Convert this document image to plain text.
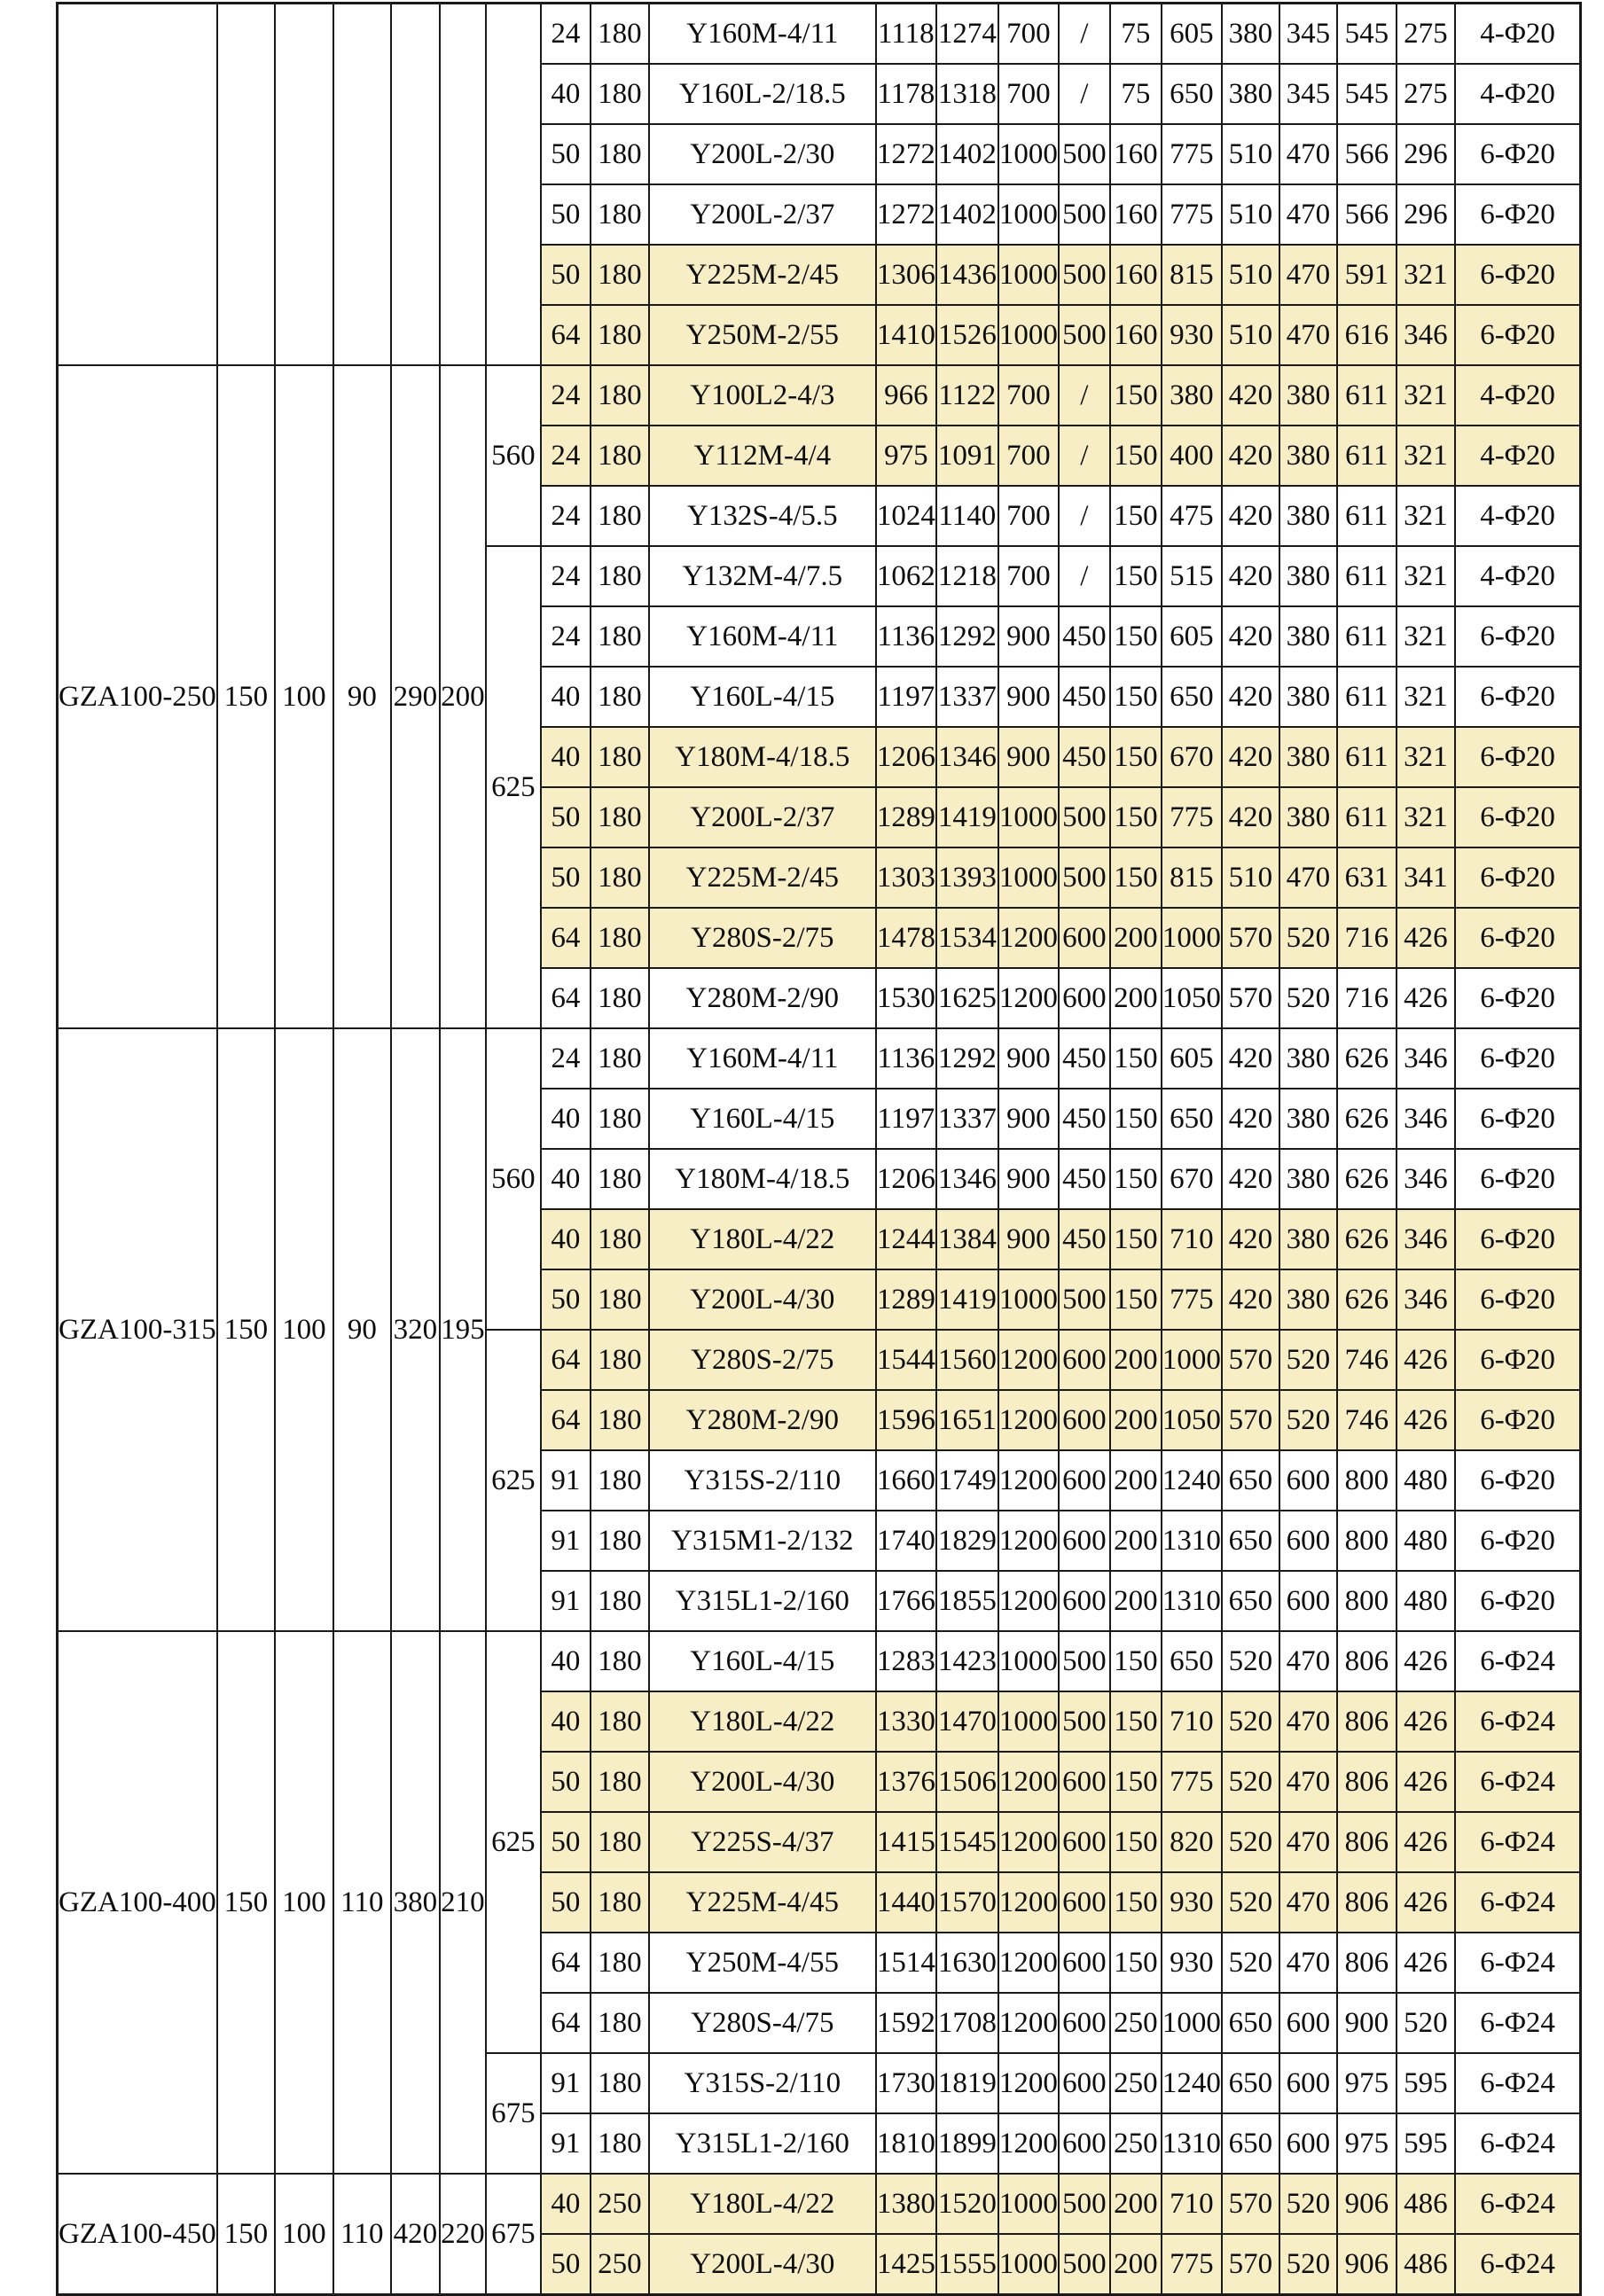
							24	180	Y160M-4/11	1118	1274	700	/	75	605	380	345	545	275	4-Φ20
							40	180	Y160L-2/18.5	1178	1318	700	/	75	650	380	345	545	275	4-Φ20
							50	180	Y200L-2/30	1272	1402	1000	500	160	775	510	470	566	296	6-Φ20
							50	180	Y200L-2/37	1272	1402	1000	500	160	775	510	470	566	296	6-Φ20
							50	180	Y225M-2/45	1306	1436	1000	500	160	815	510	470	591	321	6-Φ20
							64	180	Y250M-2/55	1410	1526	1000	500	160	930	510	470	616	346	6-Φ20
GZA100-250	150	100	90	290	200	560	24	180	Y100L2-4/3	966	1122	700	/	150	380	420	380	611	321	4-Φ20
							24	180	Y112M-4/4	975	1091	700	/	150	400	420	380	611	321	4-Φ20
							24	180	Y132S-4/5.5	1024	1140	700	/	150	475	420	380	611	321	4-Φ20
						625	24	180	Y132M-4/7.5	1062	1218	700	/	150	515	420	380	611	321	4-Φ20
							24	180	Y160M-4/11	1136	1292	900	450	150	605	420	380	611	321	6-Φ20
							40	180	Y160L-4/15	1197	1337	900	450	150	650	420	380	611	321	6-Φ20
							40	180	Y180M-4/18.5	1206	1346	900	450	150	670	420	380	611	321	6-Φ20
							50	180	Y200L-2/37	1289	1419	1000	500	150	775	420	380	611	321	6-Φ20
							50	180	Y225M-2/45	1303	1393	1000	500	150	815	510	470	631	341	6-Φ20
							64	180	Y280S-2/75	1478	1534	1200	600	200	1000	570	520	716	426	6-Φ20
							64	180	Y280M-2/90	1530	1625	1200	600	200	1050	570	520	716	426	6-Φ20
GZA100-315	150	100	90	320	195	560	24	180	Y160M-4/11	1136	1292	900	450	150	605	420	380	626	346	6-Φ20
							40	180	Y160L-4/15	1197	1337	900	450	150	650	420	380	626	346	6-Φ20
							40	180	Y180M-4/18.5	1206	1346	900	450	150	670	420	380	626	346	6-Φ20
							40	180	Y180L-4/22	1244	1384	900	450	150	710	420	380	626	346	6-Φ20
							50	180	Y200L-4/30	1289	1419	1000	500	150	775	420	380	626	346	6-Φ20
						625	64	180	Y280S-2/75	1544	1560	1200	600	200	1000	570	520	746	426	6-Φ20
							64	180	Y280M-2/90	1596	1651	1200	600	200	1050	570	520	746	426	6-Φ20
							91	180	Y315S-2/110	1660	1749	1200	600	200	1240	650	600	800	480	6-Φ20
							91	180	Y315M1-2/132	1740	1829	1200	600	200	1310	650	600	800	480	6-Φ20
							91	180	Y315L1-2/160	1766	1855	1200	600	200	1310	650	600	800	480	6-Φ20
GZA100-400	150	100	110	380	210	625	40	180	Y160L-4/15	1283	1423	1000	500	150	650	520	470	806	426	6-Φ24
							40	180	Y180L-4/22	1330	1470	1000	500	150	710	520	470	806	426	6-Φ24
							50	180	Y200L-4/30	1376	1506	1200	600	150	775	520	470	806	426	6-Φ24
							50	180	Y225S-4/37	1415	1545	1200	600	150	820	520	470	806	426	6-Φ24
							50	180	Y225M-4/45	1440	1570	1200	600	150	930	520	470	806	426	6-Φ24
							64	180	Y250M-4/55	1514	1630	1200	600	150	930	520	470	806	426	6-Φ24
							64	180	Y280S-4/75	1592	1708	1200	600	250	1000	650	600	900	520	6-Φ24
						675	91	180	Y315S-2/110	1730	1819	1200	600	250	1240	650	600	975	595	6-Φ24
							91	180	Y315L1-2/160	1810	1899	1200	600	250	1310	650	600	975	595	6-Φ24
GZA100-450	150	100	110	420	220	675	40	250	Y180L-4/22	1380	1520	1000	500	200	710	570	520	906	486	6-Φ24
							50	250	Y200L-4/30	1425	1555	1000	500	200	775	570	520	906	486	6-Φ24
